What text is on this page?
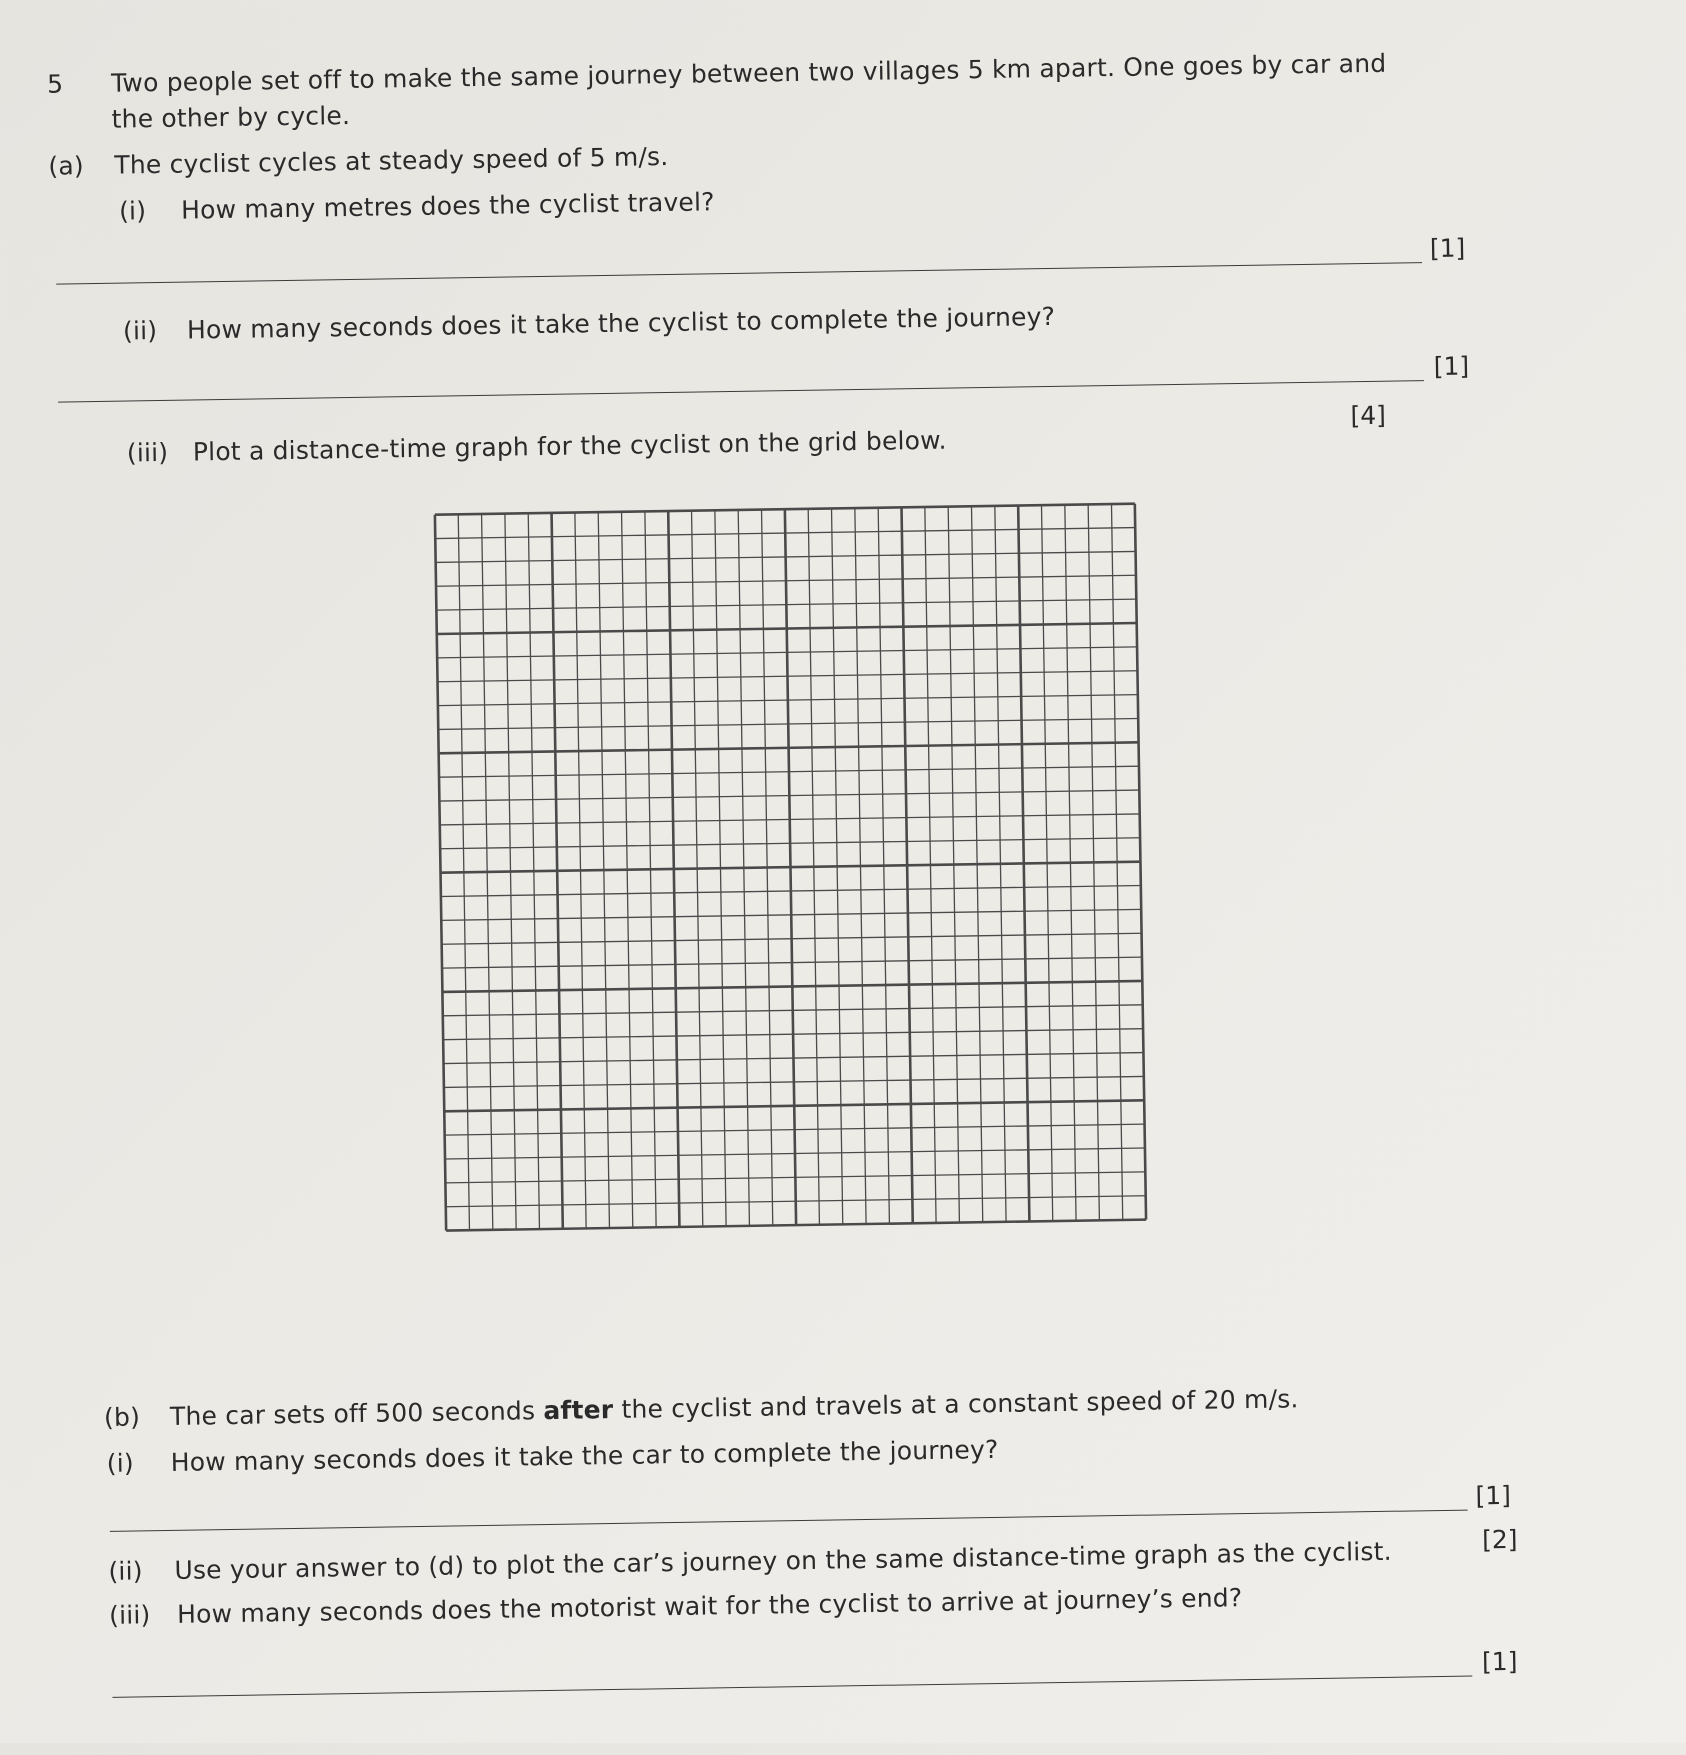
5 Two people set off to make the same journey between two villages 5 km apart. One goes by car and
the other by cycle.
(a) The cyclist cycles at steady speed of 5 m/s.
(i) How many metres does the cyclist travel?
[1]
(ii) How many seconds does it take the cyclist to complete the journey?
[1]
(iii) Plot a distance-time graph for the cyclist on the grid below.
[4]
(b) The car sets off 500 seconds after the cyclist and travels at a constant speed of 20 m/s.
(i) How many seconds does it take the car to complete the journey?
[1]
(ii) Use your answer to (d) to plot the car’s journey on the same distance-time graph as the cyclist.	[2]
(iii) How many seconds does the motorist wait for the cyclist to arrive at journey’s end?
[1]
